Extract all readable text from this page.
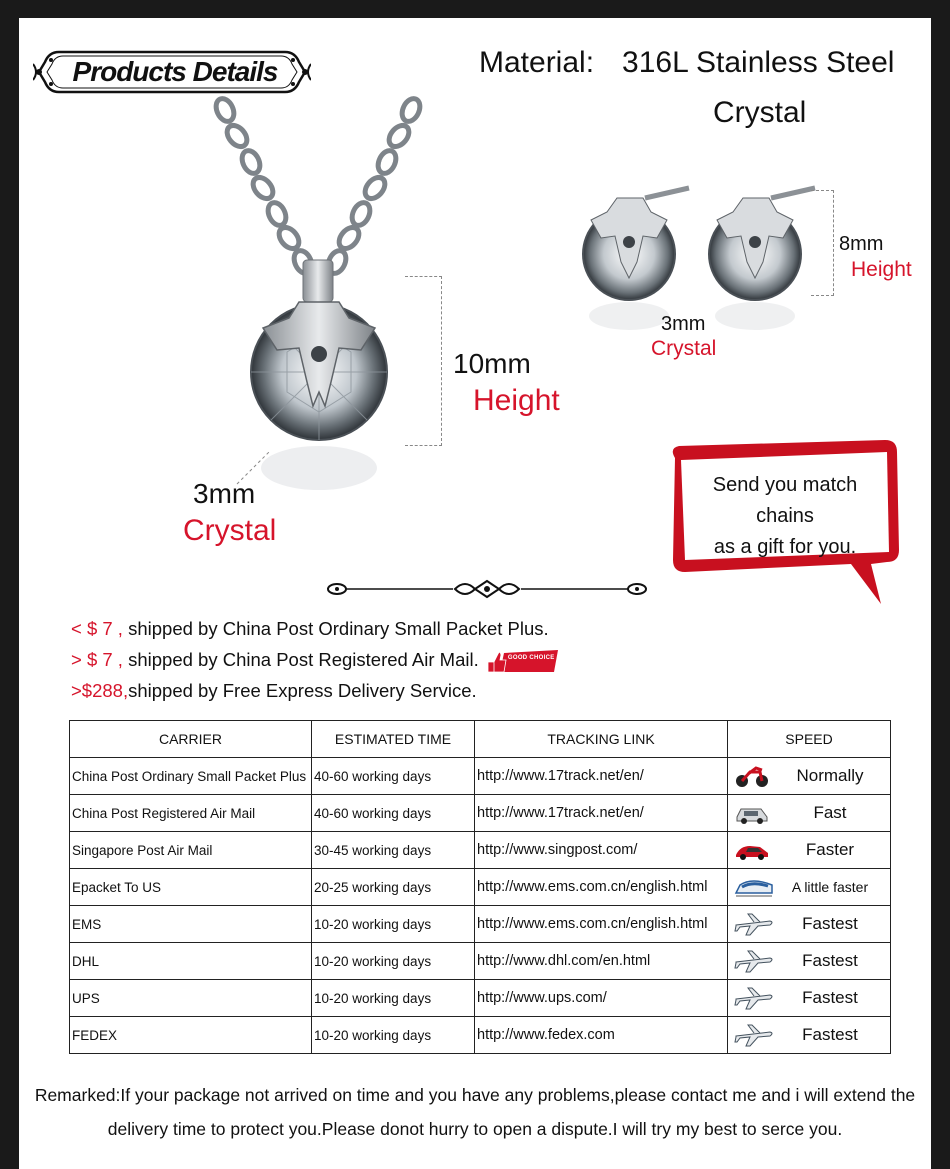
Products Details	Material: 316L Stainless Steel
Crystal
10mm
Height
3mm
Crystal
8mm
Height
3mm
Crystal
Send you match chains
as a gift for you.
< $ 7 , shipped by China Post Ordinary Small Packet Plus.
> $ 7 , shipped by China Post Registered Air Mail.	GOOD CHOICE
>$288,shipped by Free Express Delivery Service.
CARRIER	ESTIMATED TIME	TRACKING LINK	SPEED
China Post Ordinary Small Packet Plus	40-60 working days	http://www.17track.net/en/	Normally

China Post Registered Air Mail	40-60 working days	http://www.17track.net/en/	Fast

Singapore Post Air Mail	30-45 working days	http://www.singpost.com/	Faster

Epacket To US	20-25 working days	http://www.ems.com.cn/english.html	A little faster

EMS	10-20 working days	http://www.ems.com.cn/english.html	Fastest

DHL	10-20 working days	http://www.dhl.com/en.html	Fastest

UPS	10-20 working days	http://www.ups.com/	Fastest

FEDEX	10-20 working days	http://www.fedex.com	Fastest
Remarked:If your package not arrived on time and you have any problems,please contact me and i will extend the
delivery time to protect you.Please donot hurry to open a dispute.I will try my best to serce you.
